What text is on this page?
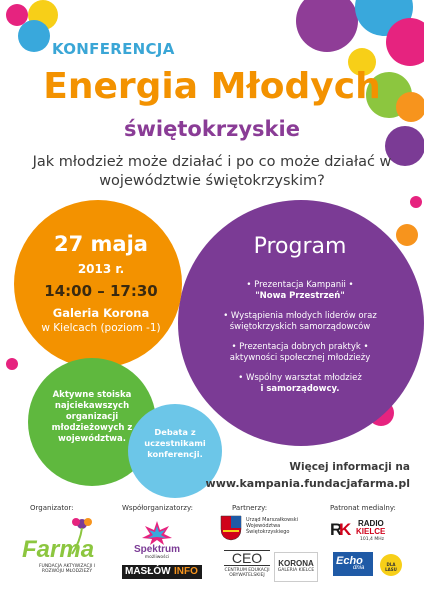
KONFERENCJA
Energia Młodych
świętokrzyskie
Jak młodzież może działać i po co może działać w województwie świętokrzyskim?
Program
• Prezentacja Kampanii •
"Nowa Przestrzeń"
• Wystąpienia młodych liderów oraz
świętokrzyskich samorządowców
• Prezentacja dobrych praktyk •
aktywności społecznej młodzieży
• Wspólny warsztat młodzież
i samorządowcy.
27 maja
2013 r.
14:00 – 17:30
Galeria Korona
w Kielcach (poziom -1)
Aktywne stoiska najciekawszych organizacji młodzieżowych z województwa.
Debata z uczestnikami konferencji.
Więcej informacji na
www.kampania.fundacjafarma.pl
Organizator:	Współorganizatorzy:	Partnerzy:	Patronat medialny:
Farma
FUNDACJA AKTYWIZACJI I ROZWOJU MŁODZIEŻY
Spektrum
możliwości
MASŁÓW INFO
Urząd Marszałkowski Województwa Świętokrzyskiego
CEO
CENTRUM EDUKACJI OBYWATELSKIEJ
KORONA
GALERIA KIELCE
R
K RADIO
KIELCE
101,4 MHz
Echo
dnia
DLA LASU
